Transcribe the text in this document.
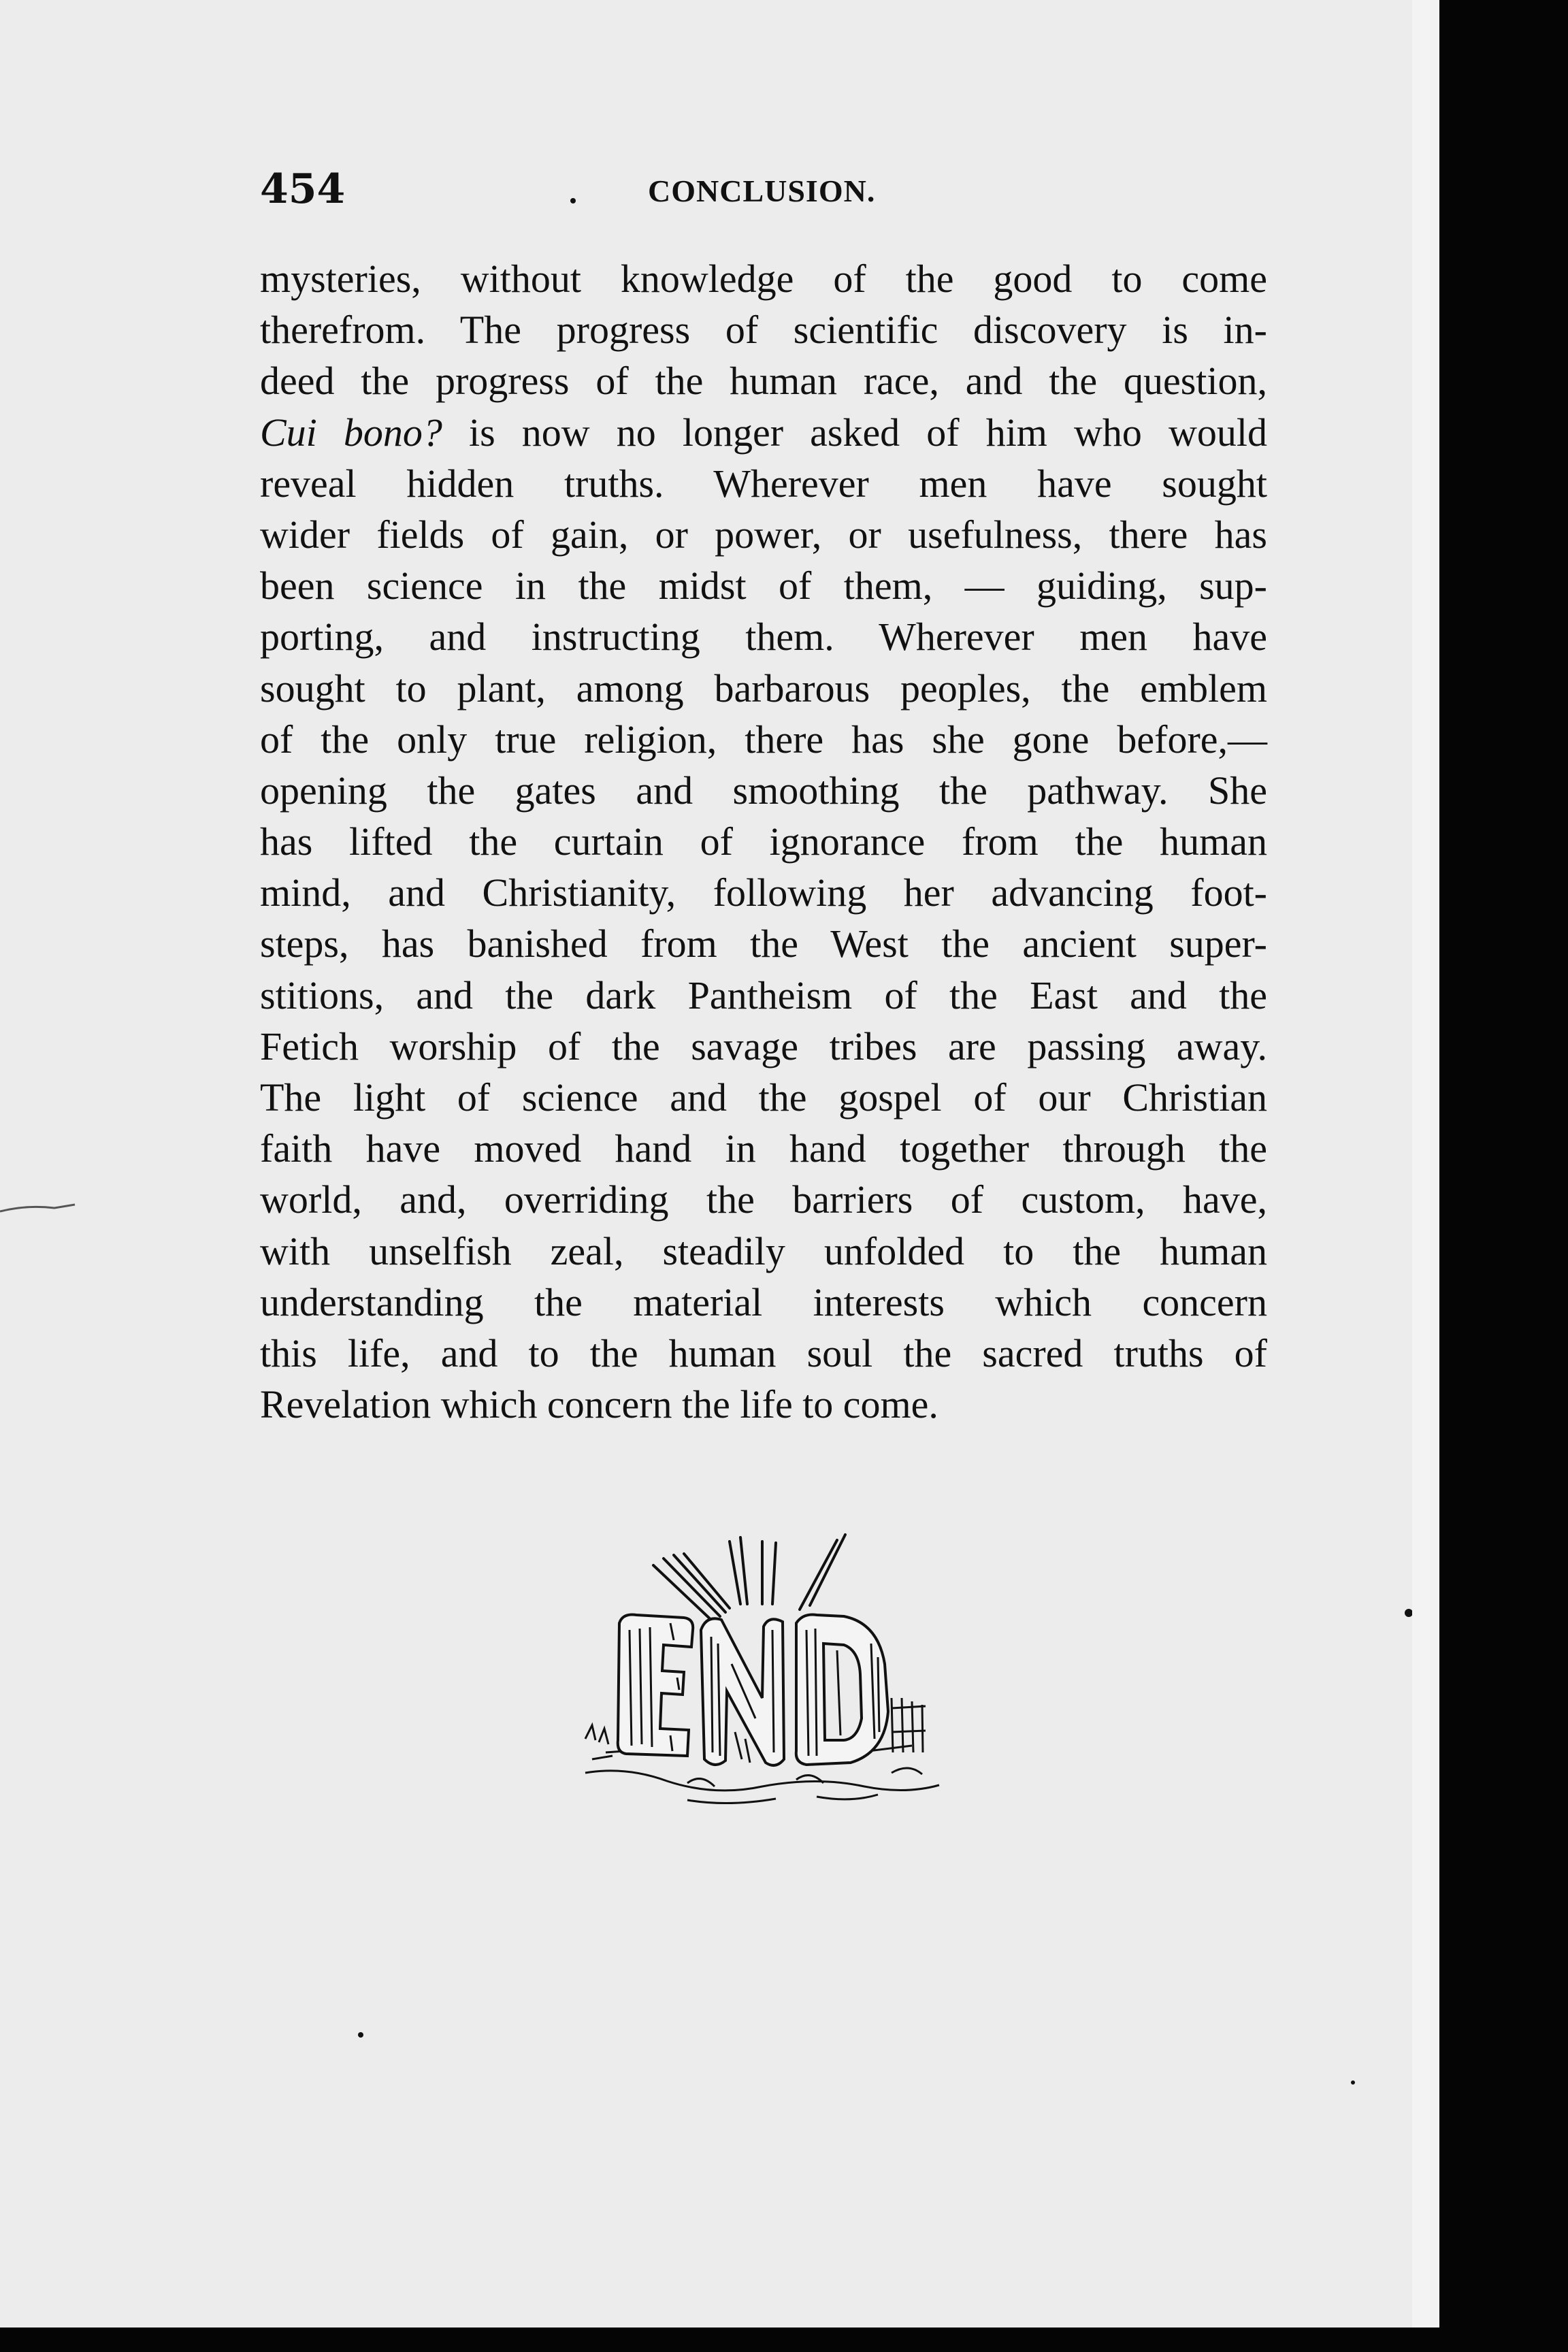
454	CONCLUSION.
mysteries, without knowledge of the good to come
therefrom. The progress of scientific discovery is in-
deed the progress of the human race, and the question,
Cui bono? is now no longer asked of him who would
reveal hidden truths. Wherever men have sought
wider fields of gain, or power, or usefulness, there has
been science in the midst of them, — guiding, sup-
porting, and instructing them. Wherever men have
sought to plant, among barbarous peoples, the emblem
of the only true religion, there has she gone before,—
opening the gates and smoothing the pathway. She
has lifted the curtain of ignorance from the human
mind, and Christianity, following her advancing foot-
steps, has banished from the West the ancient super-
stitions, and the dark Pantheism of the East and the
Fetich worship of the savage tribes are passing away.
The light of science and the gospel of our Christian
faith have moved hand in hand together through the
world, and, overriding the barriers of custom, have,
with unselfish zeal, steadily unfolded to the human
understanding the material interests which concern
this life, and to the human soul the sacred truths of
Revelation which concern the life to come.
